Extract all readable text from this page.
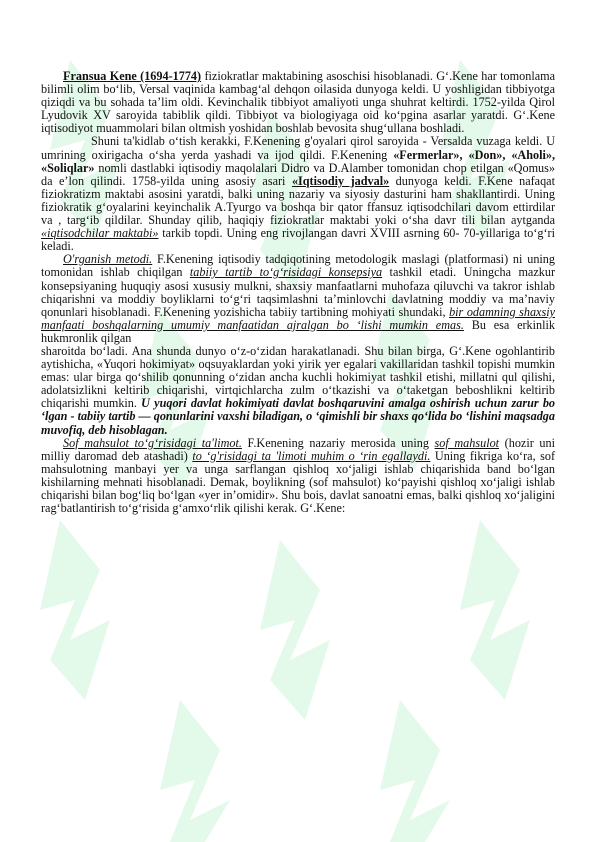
Fransua Kene (1694-1774) fiziokratlar maktabining asoschisi hisoblanadi. G‘.Kene har tomonlama bilimli olim bo‘lib, Versal vaqinida kambag‘al dehqon oilasida dunyoga keldi. U yoshligidan tibbiyotga qiziqdi va bu sohada ta’lim oldi. Kevinchalik tibbiyot amaliyoti unga shuhrat keltirdi. 1752-yilda Qirol Lyudovik XV saroyida tabiblik qildi. Tibbiyot va biologiyaga oid ko‘pgina asarlar yaratdi. G‘.Kene iqtisodiyot muammolari bilan oltmish yoshidan boshlab bevosita shug‘ullana boshladi.

Shuni ta'kidlab o‘tish kerakki, F.Kenening g'oyalari qirol saroyida - Versalda vuzaga keldi. U umrining oxirigacha o‘sha yerda yashadi va ijod qildi. F.Kenening «Fermerlar», «Don», «Aholi», «Soliqlar» nomli dastlabki iqtisodiy maqolalari Didro va D.Alamber tomonidan chop etilgan «Qomus» da e’lon qilindi. 1758-yilda uning asosiy asari «Iqtisodiy jadval» dunyoga keldi. F.Kene nafaqat fiziokratizm maktabi asosini yaratdi, balki uning nazariy va siyosiy dasturini ham shakllantirdi. Uning fiziokratik g‘oyalarini keyinchalik A.Tyurgo va boshqa bir qator ffansuz iqtisodchilari davom ettirdilar va , targ‘ib qildilar. Shunday qilib, haqiqiy fiziokratlar maktabi yoki o‘sha davr tili bilan aytganda «iqtisodchilar maktabi» tarkib topdi. Uning eng rivojlangan davri XVIII asrning 60- 70-yillariga to‘g‘ri keladi.

O'rganish metodi. F.Kenening iqtisodiy tadqiqotining metodologik maslagi (platformasi) ni uning tomonidan ishlab chiqilgan tabiiy tartib to‘g‘risidagi konsepsiya tashkil etadi. Uningcha mazkur konsepsiyaning huquqiy asosi xususiy mulkni, shaxsiy manfaatlarni muhofaza qiluvchi va takror ishlab chiqarishni va moddiy boyliklarni to‘g‘ri taqsimlashni ta’minlovchi davlatning moddiy va ma’naviy qonunlari hisoblanadi. F.Kenening yozishicha tabiiy tartibning mohiyati shundaki, bir odamning shaxsiy manfaati boshqalarning umumiy manfaatidan ajralgan bo ‘lishi mumkin emas. Bu esa erkinlik hukmronlik qilgan

sharoitda bo‘ladi. Ana shunda dunyo o‘z-o‘zidan harakatlanadi. Shu bilan birga, G‘.Kene ogohlantirib aytishicha, «Yuqori hokimiyat» oqsuyaklardan yoki yirik yer egalari vakillaridan tashkil topishi mumkin emas: ular birga qo‘shilib qonunning o‘zidan ancha kuchli hokimiyat tashkil etishi, millatni qul qilishi, adolatsizlikni keltirib chiqarishi, virtqichlarcha zulm o‘tkazishi va o‘taketgan beboshlikni keltirib chiqarishi mumkin. U yuqori davlat hokimiyati davlat boshqaruvini amalga oshirish uchun zarur bo ‘lgan - tabiiy tartib — qonunlarini vaxshi biladigan, o ‘qimishli bir shaxs qo‘lida bo ‘lishini maqsadga muvofiq, deb hisoblagan.

Sof mahsulot to‘g‘risidagi ta'limot. F.Kenening nazariy merosida uning sof mahsulot (hozir uni milliy daromad deb atashadi) to ‘g'risidagi ta 'limoti muhim o ‘rin egallaydi. Uning fikriga ko‘ra, sof mahsulotning manbayi yer va unga sarflangan qishloq xo‘jaligi ishlab chiqarishida band bo‘lgan kishilarning mehnati hisoblanadi. Demak, boylikning (sof mahsulot) ko‘payishi qishloq xo‘jaligi ishlab chiqarishi bilan bog‘liq bo‘lgan «yer in’omidir». Shu bois, davlat sanoatni emas, balki qishloq xo‘jaligini rag‘batlantirish to‘g‘risida g‘amxo‘rlik qilishi kerak. G‘.Kene:
